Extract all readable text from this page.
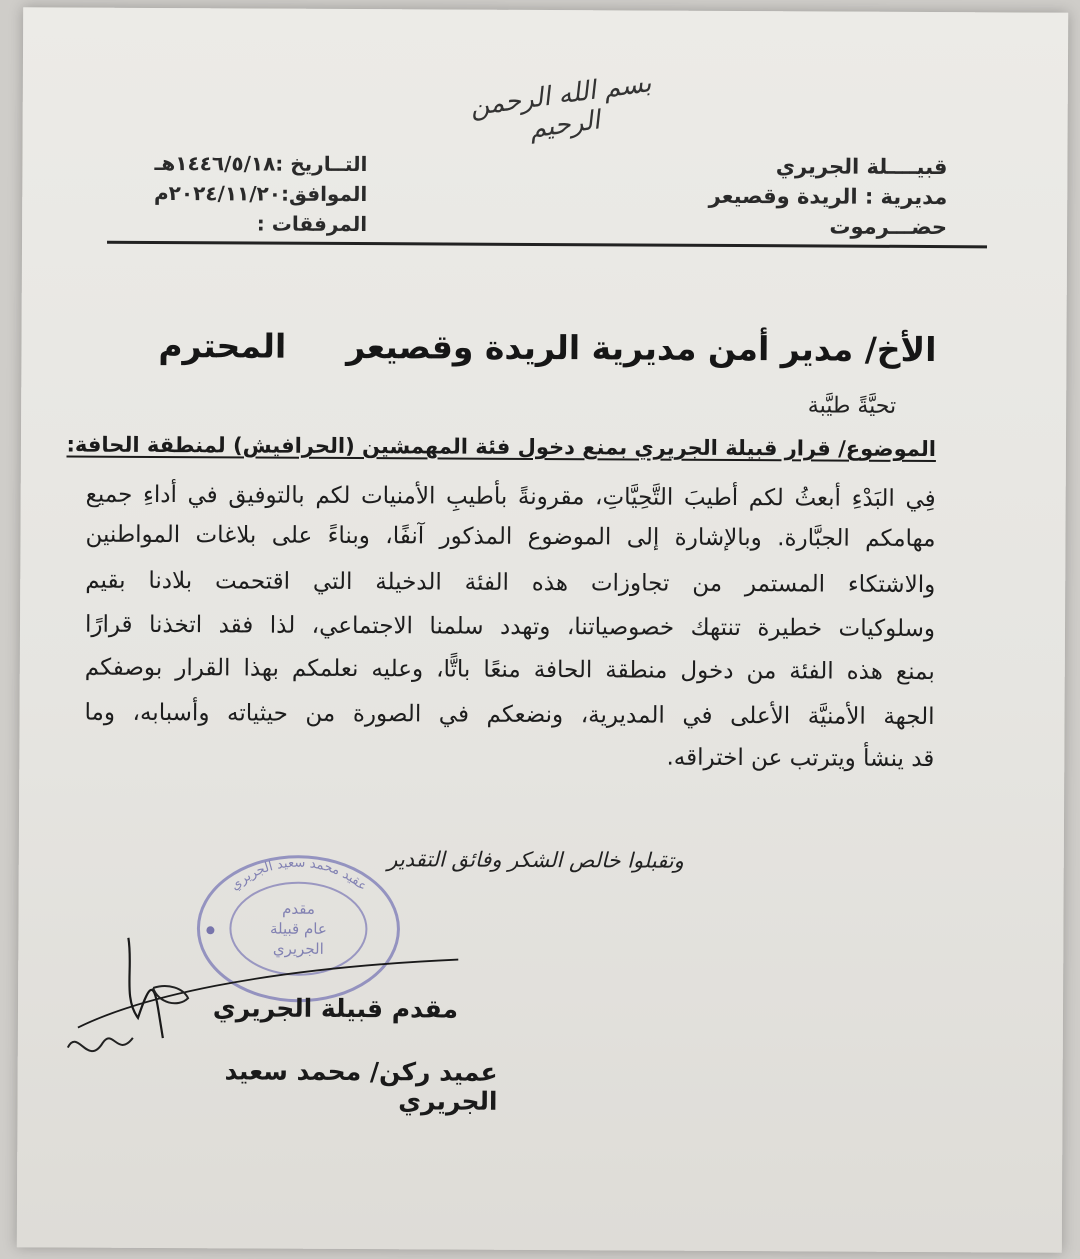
بسم الله الرحمن الرحيم
قبيــــلة الجريري
مديرية : الريدة وقصيعر
حضـــرموت
التــاريخ :١٤٤٦/٥/١٨هـ
الموافق:٢٠٢٤/١١/٢٠م
المرفقات :
الأخ/ مدير أمن مديرية الريدة وقصيعرالمحترم
تحيَّةً طيَّبة
الموضوع/ قرار قبيلة الجريري بمنع دخول فئة المهمشين (الحرافيش) لمنطقة الحافة:
فِي البَدْءِ أبعثُ لكم أطيبَ التَّحِيَّاتِ، مقرونةً بأطيبِ الأمنيات لكم بالتوفيق في أداءِ جميع
مهامكم الجبَّارة. وبالإشارة إلى الموضوع المذكور آنفًا، وبناءً على بلاغات المواطنين
والاشتكاء المستمر من تجاوزات هذه الفئة الدخيلة التي اقتحمت بلادنا بقيم
وسلوكيات خطيرة تنتهك خصوصياتنا، وتهدد سلمنا الاجتماعي، لذا فقد اتخذنا قرارًا
بمنع هذه الفئة من دخول منطقة الحافة منعًا باتًّا، وعليه نعلمكم بهذا القرار بوصفكم
الجهة الأمنيَّة الأعلى في المديرية، ونضعكم في الصورة من حيثياته وأسبابه، وما
قد ينشأ ويترتب عن اختراقه.
وتقبلوا خالص الشكر وفائق التقدير
عقيد محمد سعيد الجريري
مقدم
عام قبيلة
الجريري
مقدم قبيلة الجريري
عميد ركن/ محمد سعيد الجريري
